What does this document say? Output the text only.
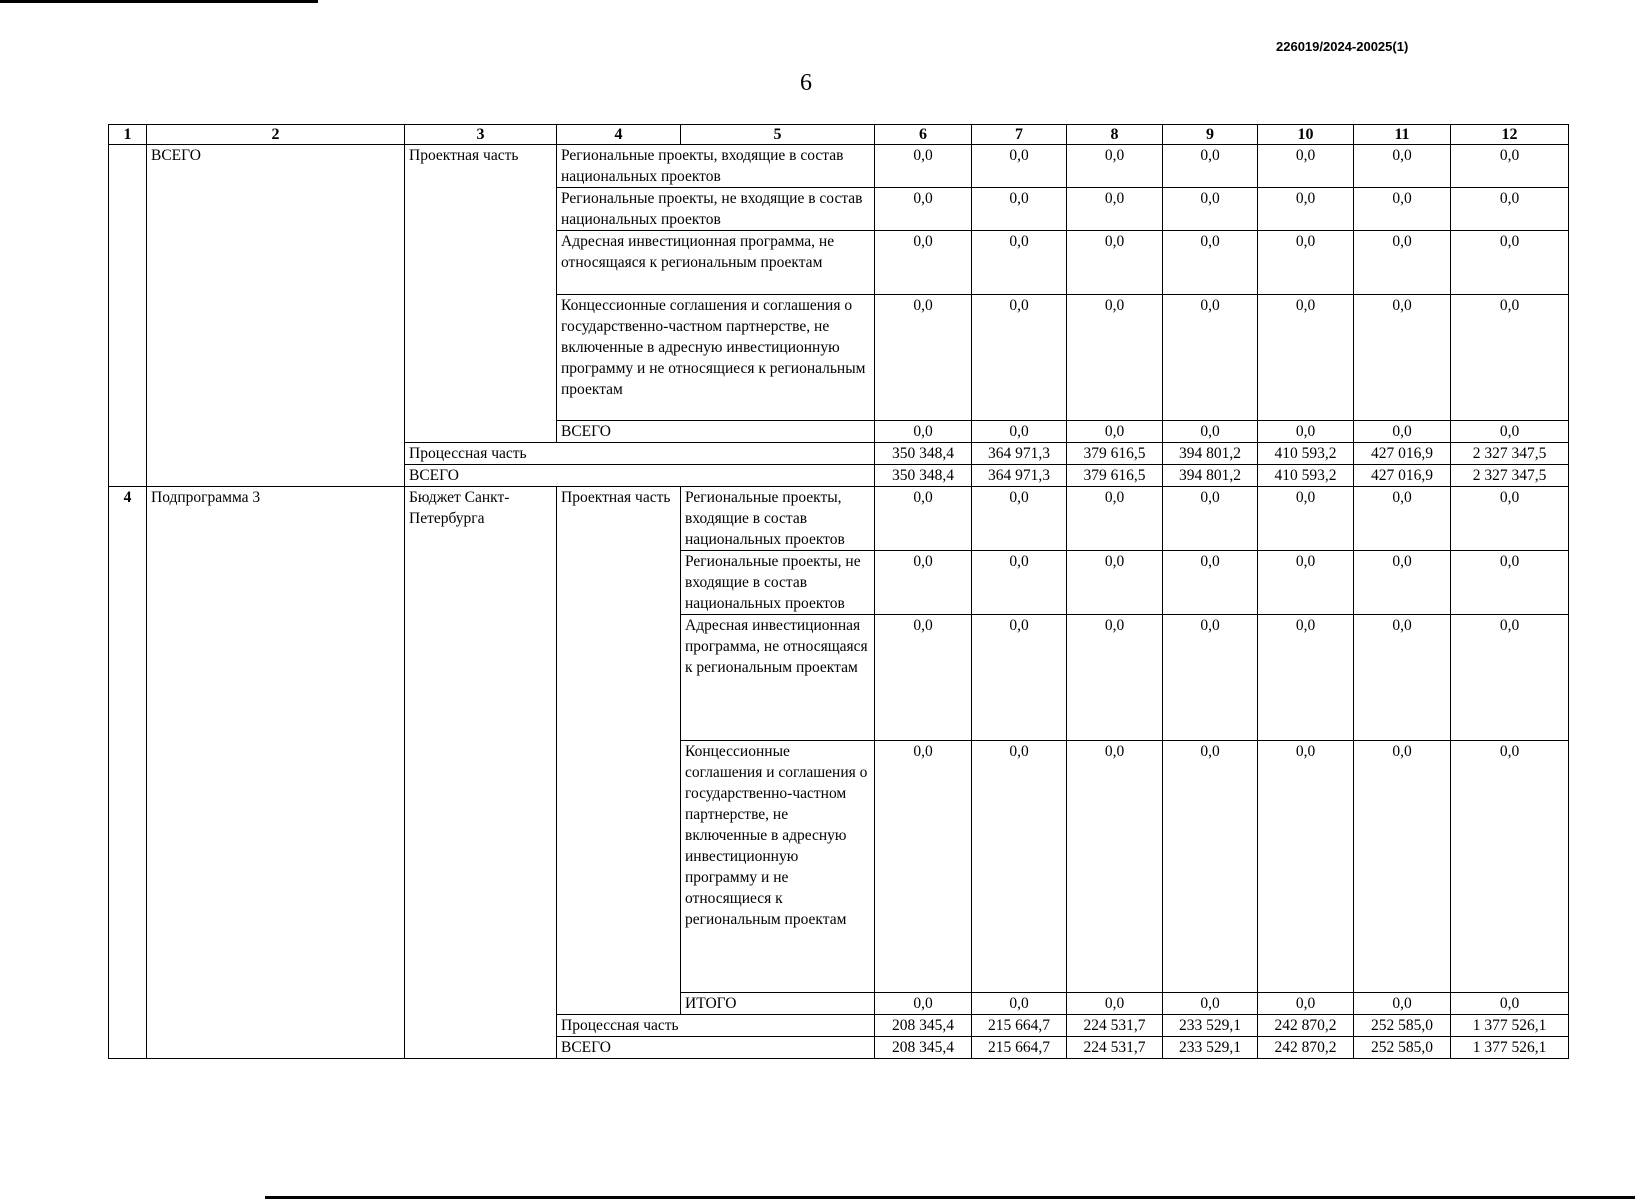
226019/2024-20025(1)
6
1	2	3	4	5	6	7	8	9	10	11	12
	ВСЕГО	Проектная часть	Региональные проекты, входящие в состав национальных проектов		0,0	0,0	0,0	0,0	0,0	0,0	0,0
			Региональные проекты, не входящие в состав национальных проектов		0,0	0,0	0,0	0,0	0,0	0,0	0,0
			Адресная инвестиционная программа, не относящаяся к региональным проектам		0,0	0,0	0,0	0,0	0,0	0,0	0,0
			Концессионные соглашения и соглашения о государственно-частном партнерстве, не включенные в адресную инвестиционную программу и не относящиеся к региональным проектам		0,0	0,0	0,0	0,0	0,0	0,0	0,0
			ВСЕГО		0,0	0,0	0,0	0,0	0,0	0,0	0,0
		Процессная часть			350 348,4	364 971,3	379 616,5	394 801,2	410 593,2	427 016,9	2 327 347,5
		ВСЕГО			350 348,4	364 971,3	379 616,5	394 801,2	410 593,2	427 016,9	2 327 347,5
4	Подпрограмма 3	Бюджет Санкт-Петербурга	Проектная часть	Региональные проекты, входящие в состав национальных проектов	0,0	0,0	0,0	0,0	0,0	0,0	0,0
				Региональные проекты, не входящие в состав национальных проектов	0,0	0,0	0,0	0,0	0,0	0,0	0,0
				Адресная инвестиционная программа, не относящаяся к региональным проектам	0,0	0,0	0,0	0,0	0,0	0,0	0,0
				Концессионные соглашения и соглашения о государственно-частном партнерстве, не включенные в адресную инвестиционную программу и не относящиеся к региональным проектам	0,0	0,0	0,0	0,0	0,0	0,0	0,0
				ИТОГО	0,0	0,0	0,0	0,0	0,0	0,0	0,0
			Процессная часть		208 345,4	215 664,7	224 531,7	233 529,1	242 870,2	252 585,0	1 377 526,1
			ВСЕГО		208 345,4	215 664,7	224 531,7	233 529,1	242 870,2	252 585,0	1 377 526,1
